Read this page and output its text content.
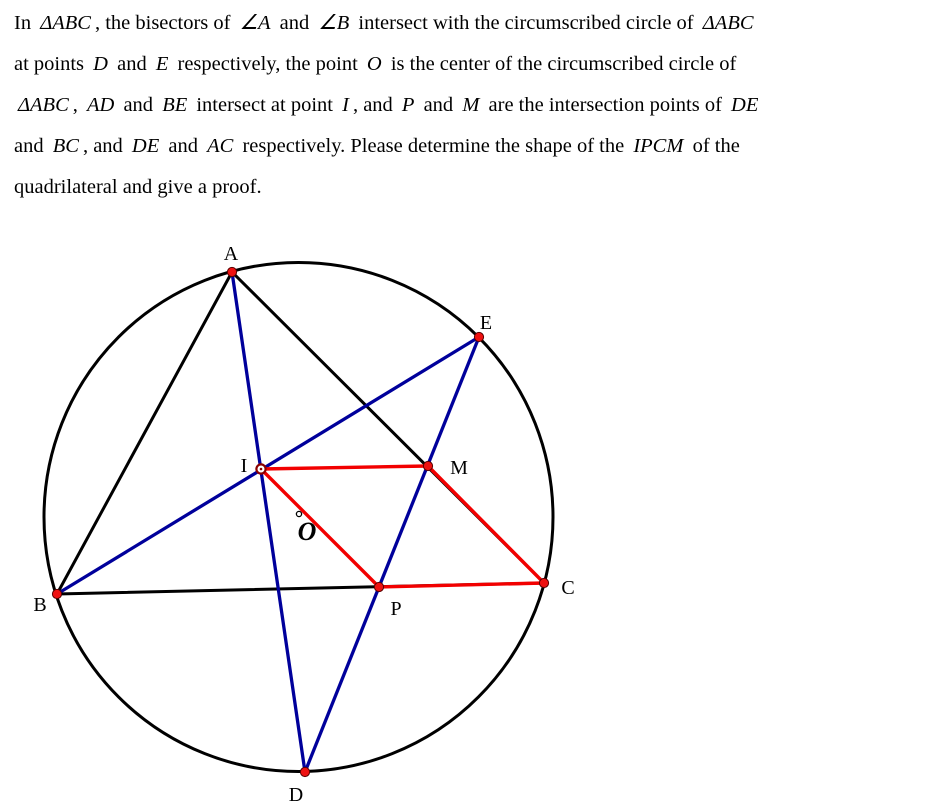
In ΔABC , the bisectors of ∠A and ∠B intersect with the circumscribed circle of ΔABC
at points D and E respectively, the point O is the center of the circumscribed circle of
ΔABC , AD and BE intersect at point I , and P and M are the intersection points of DE
and BC , and DE and AC respectively. Please determine the shape of the IPCM of the
quadrilateral and give a proof.
A
B
C
D
E
I	M
P
O
